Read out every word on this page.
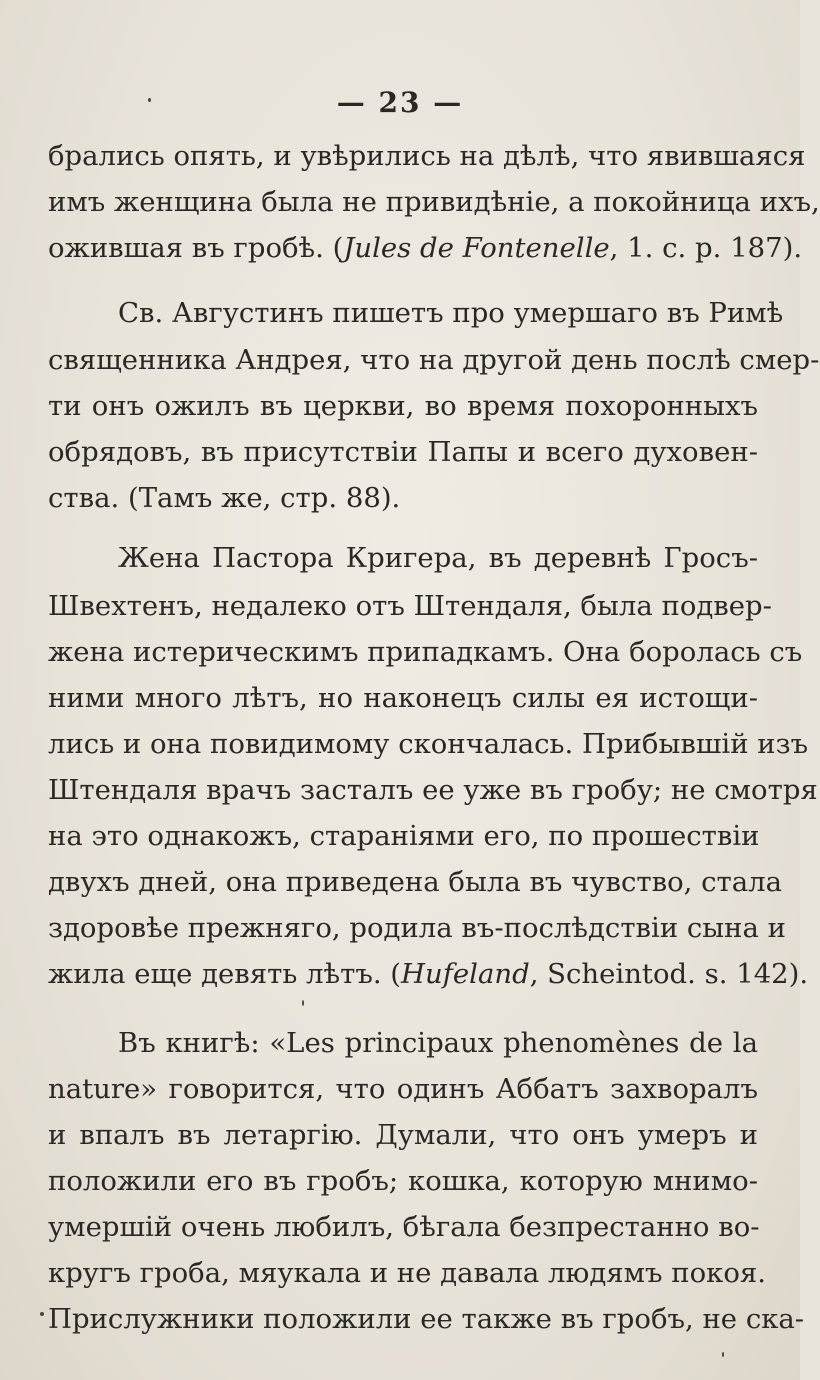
— 23 —
брались опять, и увѣрились на дѣлѣ, что явившаяся
имъ женщина была не привидѣніе, а покойница ихъ,
ожившая въ гробѣ. (Jules de Fontenelle, 1. с. р. 187).
Св. Августинъ пишетъ про умершаго въ Римѣ
священника Андрея, что на другой день послѣ смер-
ти онъ ожилъ въ церкви, во время похоронныхъ
обрядовъ, въ присутствіи Папы и всего духовен-
ства. (Тамъ же, стр. 88).
Жена Пастора Кригера, въ деревнѣ Гросъ-
Швехтенъ, недалеко отъ Штендаля, была подвер-
жена истерическимъ припадкамъ. Она боролась съ
ними много лѣтъ, но наконецъ силы ея истощи-
лись и она повидимому скончалась. Прибывшій изъ
Штендаля врачъ засталъ ее уже въ гробу; не смотря
на это однакожъ, стараніями его, по прошествіи
двухъ дней, она приведена была въ чувство, стала
здоровѣе прежняго, родила въ-послѣдствіи сына и
жила еще девять лѣтъ. (Hufeland, Scheintod. s. 142).
Въ книгѣ: «Les principaux phenomènes de la
nature» говорится, что одинъ Аббатъ захворалъ
и впалъ въ летаргію. Думали, что онъ умеръ и
положили его въ гробъ; кошка, которую мнимо-
умершій очень любилъ, бѣгала безпрестанно во-
кругъ гроба, мяукала и не давала людямъ покоя.
Прислужники положили ее также въ гробъ, не ска-
